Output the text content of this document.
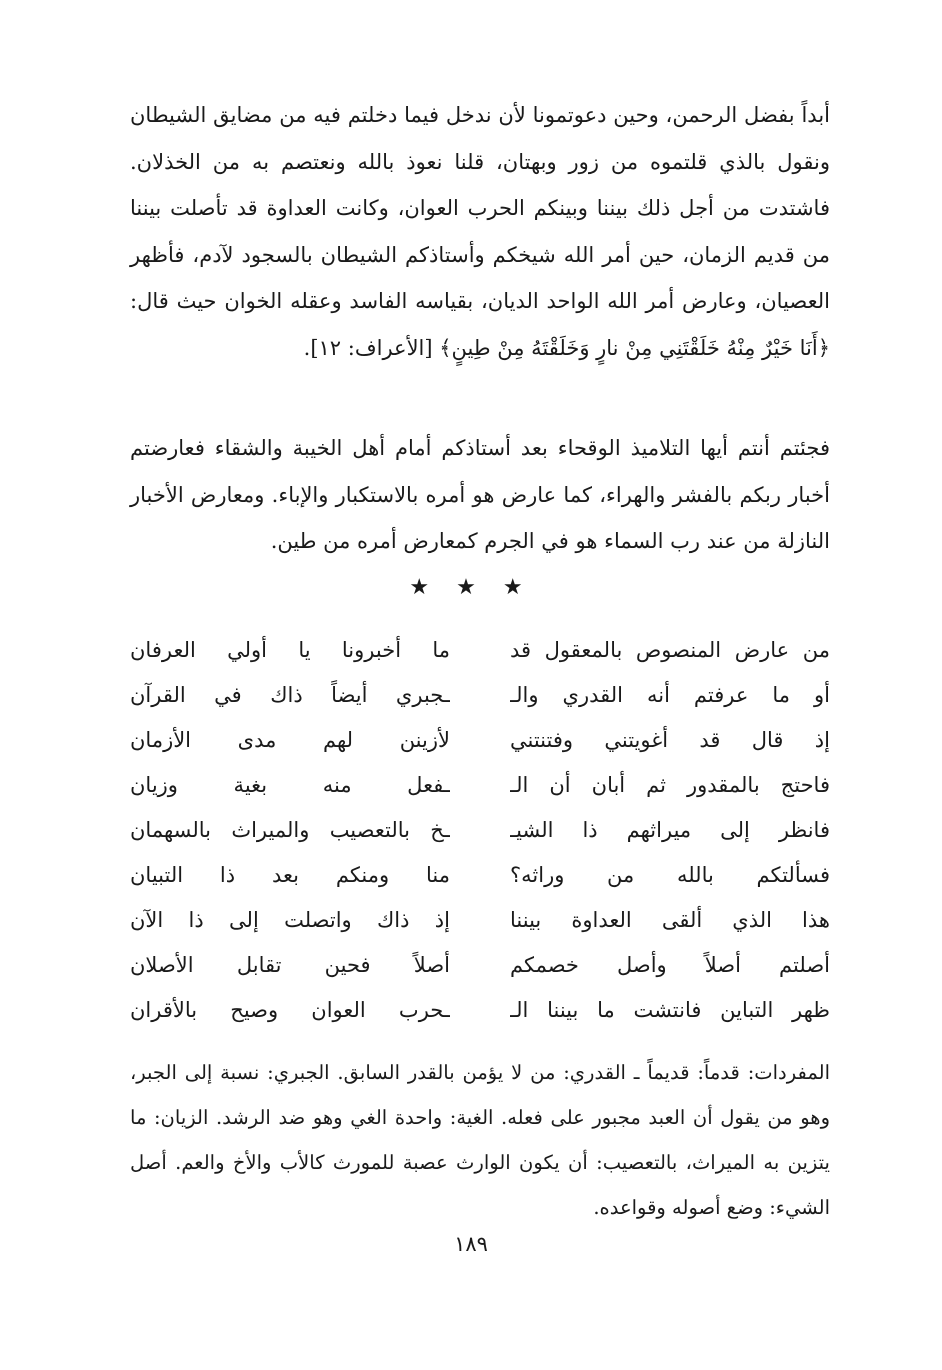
أبداً بفضل الرحمن، وحين دعوتمونا لأن ندخل فيما دخلتم فيه من مضايق الشيطان ونقول بالذي قلتموه من زور وبهتان، قلنا نعوذ بالله ونعتصم به من الخذلان. فاشتدت من أجل ذلك بيننا وبينكم الحرب العوان، وكانت العداوة قد تأصلت بيننا من قديم الزمان، حين أمر الله شيخكم وأستاذكم الشيطان بالسجود لآدم، فأظهر العصيان، وعارض أمر الله الواحد الديان، بقياسه الفاسد وعقله الخوان حيث قال: ﴿أَنَا خَيْرٌ مِنْهُ خَلَقْتَنِي مِنْ نارٍ وَخَلَقْتَهُ مِنْ طِينٍ﴾ [الأعراف: ١٢].

فجئتم أنتم أيها التلاميذ الوقحاء بعد أستاذكم أمام أهل الخيبة والشقاء فعارضتم أخبار ربكم بالفشر والهراء، كما عارض هو أمره بالاستكبار والإباء. ومعارض الأخبار النازلة من عند رب السماء هو في الجرم كمعارض أمره من طين.

★ ★ ★

من عارض المنصوص بالمعقول قد
ما أخبرونا يا أولي العرفان
أو ما عرفتم أنه القدري والـ
ـجبري أيضاً ذاك في القرآن
إذ قال قد أغويتني وفتنتني
لأزينن لهم مدى الأزمان
فاحتج بالمقدور ثم أبان أن الـ
ـفعل منه بغية وزيان
فانظر إلى ميراثهم ذا الشيـ
ـخ بالتعصيب والميراث بالسهمان
فسألتكم بالله من وراثه؟
منا ومنكم بعد ذا التبيان
هذا الذي ألقى العداوة بيننا
إذ ذاك واتصلت إلى ذا الآن
أصلتم أصلاً وأصل خصمكم
أصلاً فحين تقابل الأصلان
ظهر التباين فانتشت ما بيننا الـ
ـحرب العوان وصيح بالأقران

المفردات: قدماً: قديماً ـ القدري: من لا يؤمن بالقدر السابق. الجبري: نسبة إلى الجبر، وهو من يقول أن العبد مجبور على فعله. الغية: واحدة الغي وهو ضد الرشد. الزيان: ما يتزين به الميراث، بالتعصيب: أن يكون الوارث عصبة للمورث كالأب والأخ والعم. أصل الشيء: وضع أصوله وقواعده.

١٨٩
